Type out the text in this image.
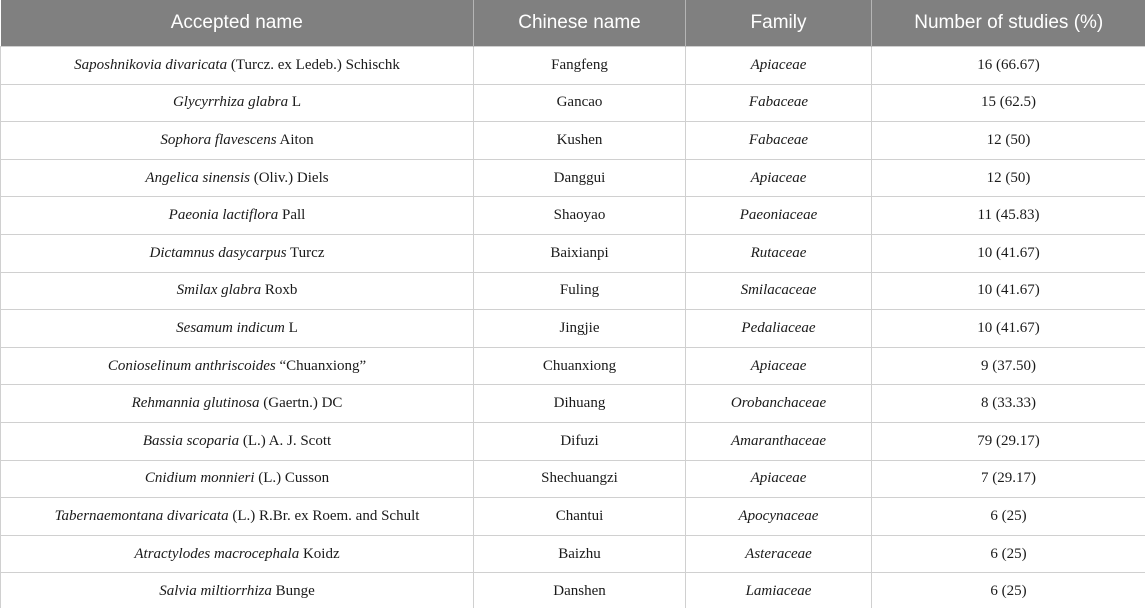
Accepted name	Chinese name	Family	Number of studies (%)
Saposhnikovia divaricata (Turcz. ex Ledeb.) Schischk	Fangfeng	Apiaceae	16 (66.67)
Glycyrrhiza glabra L	Gancao	Fabaceae	15 (62.5)
Sophora flavescens Aiton	Kushen	Fabaceae	12 (50)
Angelica sinensis (Oliv.) Diels	Danggui	Apiaceae	12 (50)
Paeonia lactiflora Pall	Shaoyao	Paeoniaceae	11 (45.83)
Dictamnus dasycarpus Turcz	Baixianpi	Rutaceae	10 (41.67)
Smilax glabra Roxb	Fuling	Smilacaceae	10 (41.67)
Sesamum indicum L	Jingjie	Pedaliaceae	10 (41.67)
Conioselinum anthriscoides “Chuanxiong”	Chuanxiong	Apiaceae	9 (37.50)
Rehmannia glutinosa (Gaertn.) DC	Dihuang	Orobanchaceae	8 (33.33)
Bassia scoparia (L.) A. J. Scott	Difuzi	Amaranthaceae	79 (29.17)
Cnidium monnieri (L.) Cusson	Shechuangzi	Apiaceae	7 (29.17)
Tabernaemontana divaricata (L.) R.Br. ex Roem. and Schult	Chantui	Apocynaceae	6 (25)
Atractylodes macrocephala Koidz	Baizhu	Asteraceae	6 (25)
Salvia miltiorrhiza Bunge	Danshen	Lamiaceae	6 (25)
